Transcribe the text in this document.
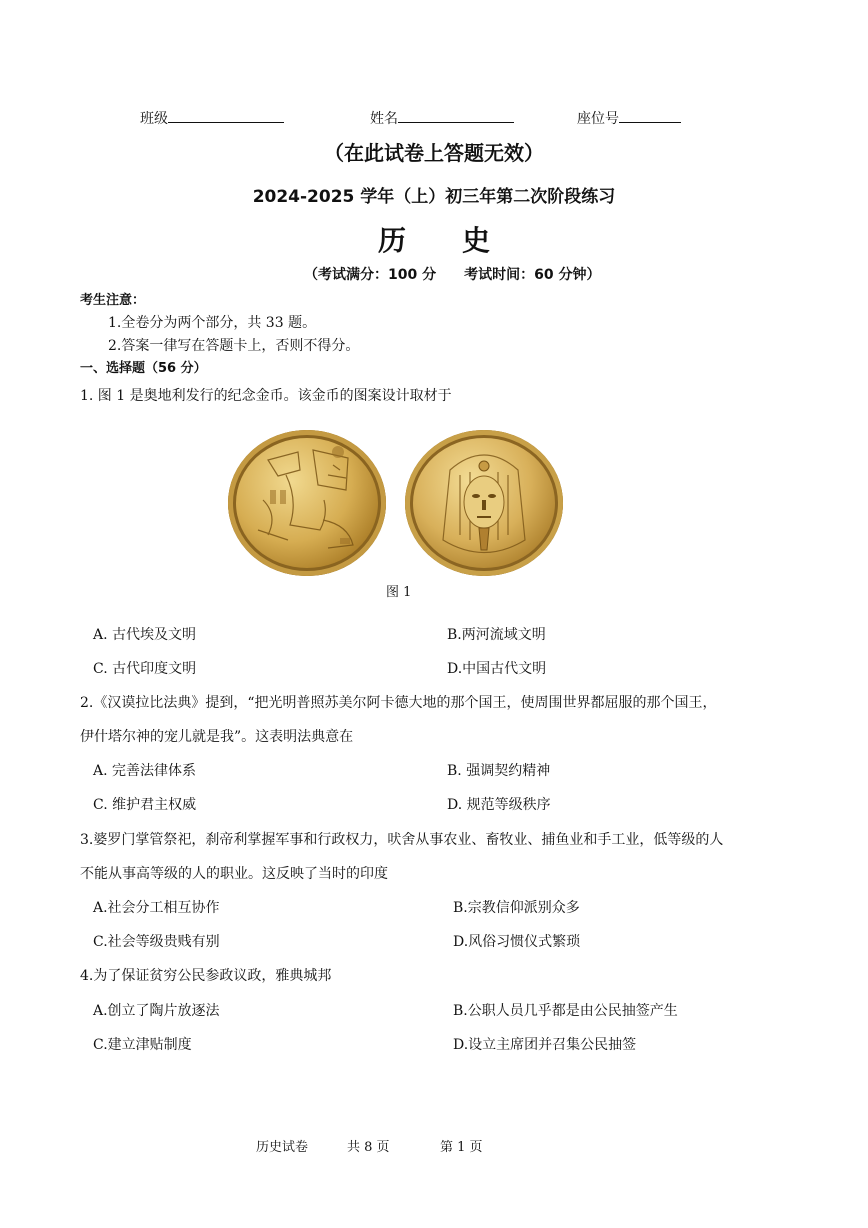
班级	姓名	座位号
（在此试卷上答题无效）
2024-2025 学年（上）初三年第二次阶段练习
历　　史
（考试满分：100 分　　考试时间：60 分钟）
考生注意：
1.全卷分为两个部分，共 33 题。
2.答案一律写在答题卡上，否则不得分。
一、选择题（56 分）
1. 图 1 是奥地利发行的纪念金币。该金币的图案设计取材于
图 1
A. 古代埃及文明	B.两河流域文明
C. 古代印度文明	D.中国古代文明
2.《汉谟拉比法典》提到，“把光明普照苏美尔阿卡德大地的那个国王，使周围世界都屈服的那个国王，
伊什塔尔神的宠儿就是我”。这表明法典意在
A. 完善法律体系	B. 强调契约精神
C. 维护君主权威	D. 规范等级秩序
3.婆罗门掌管祭祀，刹帝利掌握军事和行政权力，吠舍从事农业、畜牧业、捕鱼业和手工业，低等级的人
不能从事高等级的人的职业。这反映了当时的印度
A.社会分工相互协作	B.宗教信仰派别众多
C.社会等级贵贱有别	D.风俗习惯仪式繁琐
4.为了保证贫穷公民参政议政，雅典城邦
A.创立了陶片放逐法	B.公职人员几乎都是由公民抽签产生
C.建立津贴制度	D.设立主席团并召集公民抽签
历史试卷	共 8 页	第 1 页
